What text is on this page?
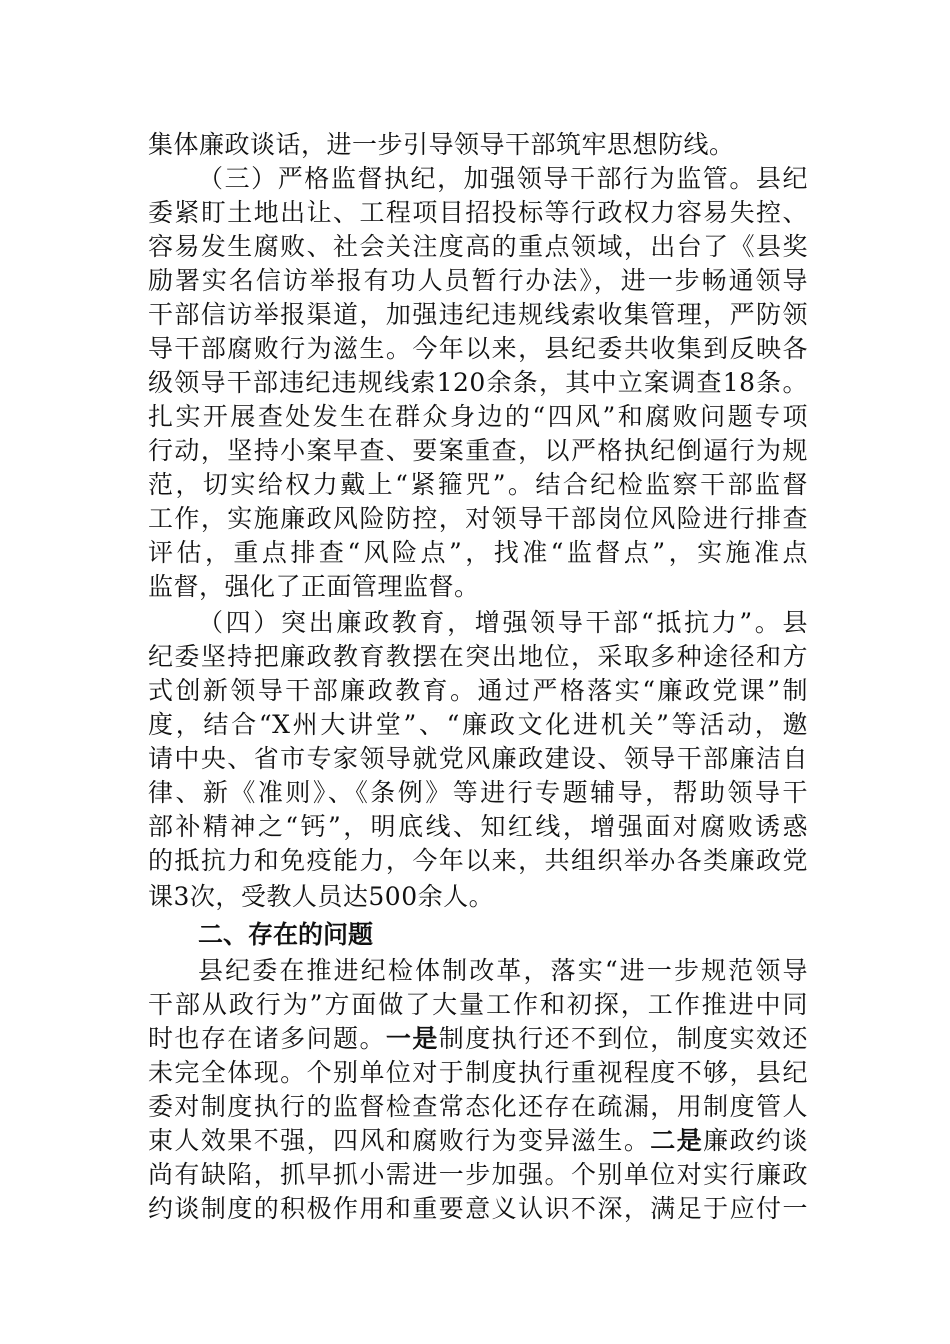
集体廉政谈话，进一步引导领导干部筑牢思想防线。
（三）严格监督执纪，加强领导干部行为监管。县纪
委紧盯土地出让、工程项目招投标等行政权力容易失控、
容易发生腐败、社会关注度高的重点领域，出台了《县奖
励署实名信访举报有功人员暂行办法》，进一步畅通领导
干部信访举报渠道，加强违纪违规线索收集管理，严防领
导干部腐败行为滋生。今年以来，县纪委共收集到反映各
级领导干部违纪违规线索120余条，其中立案调查18条。
扎实开展查处发生在群众身边的“四风”和腐败问题专项
行动，坚持小案早查、要案重查，以严格执纪倒逼行为规
范，切实给权力戴上“紧箍咒”。结合纪检监察干部监督
工作，实施廉政风险防控，对领导干部岗位风险进行排查
评估，重点排查“风险点”，找准“监督点”，实施准点
监督，强化了正面管理监督。
（四）突出廉政教育，增强领导干部“抵抗力”。县
纪委坚持把廉政教育教摆在突出地位，采取多种途径和方
式创新领导干部廉政教育。通过严格落实“廉政党课”制
度，结合“X州大讲堂”、“廉政文化进机关”等活动，邀
请中央、省市专家领导就党风廉政建设、领导干部廉洁自
律、新《准则》、《条例》等进行专题辅导，帮助领导干
部补精神之“钙”，明底线、知红线，增强面对腐败诱惑
的抵抗力和免疫能力，今年以来，共组织举办各类廉政党
课3次，受教人员达500余人。
二、存在的问题
县纪委在推进纪检体制改革，落实“进一步规范领导
干部从政行为”方面做了大量工作和初探，工作推进中同
时也存在诸多问题。一是制度执行还不到位，制度实效还
未完全体现。个别单位对于制度执行重视程度不够，县纪
委对制度执行的监督检查常态化还存在疏漏，用制度管人
束人效果不强，四风和腐败行为变异滋生。二是廉政约谈
尚有缺陷，抓早抓小需进一步加强。个别单位对实行廉政
约谈制度的积极作用和重要意义认识不深，满足于应付一
